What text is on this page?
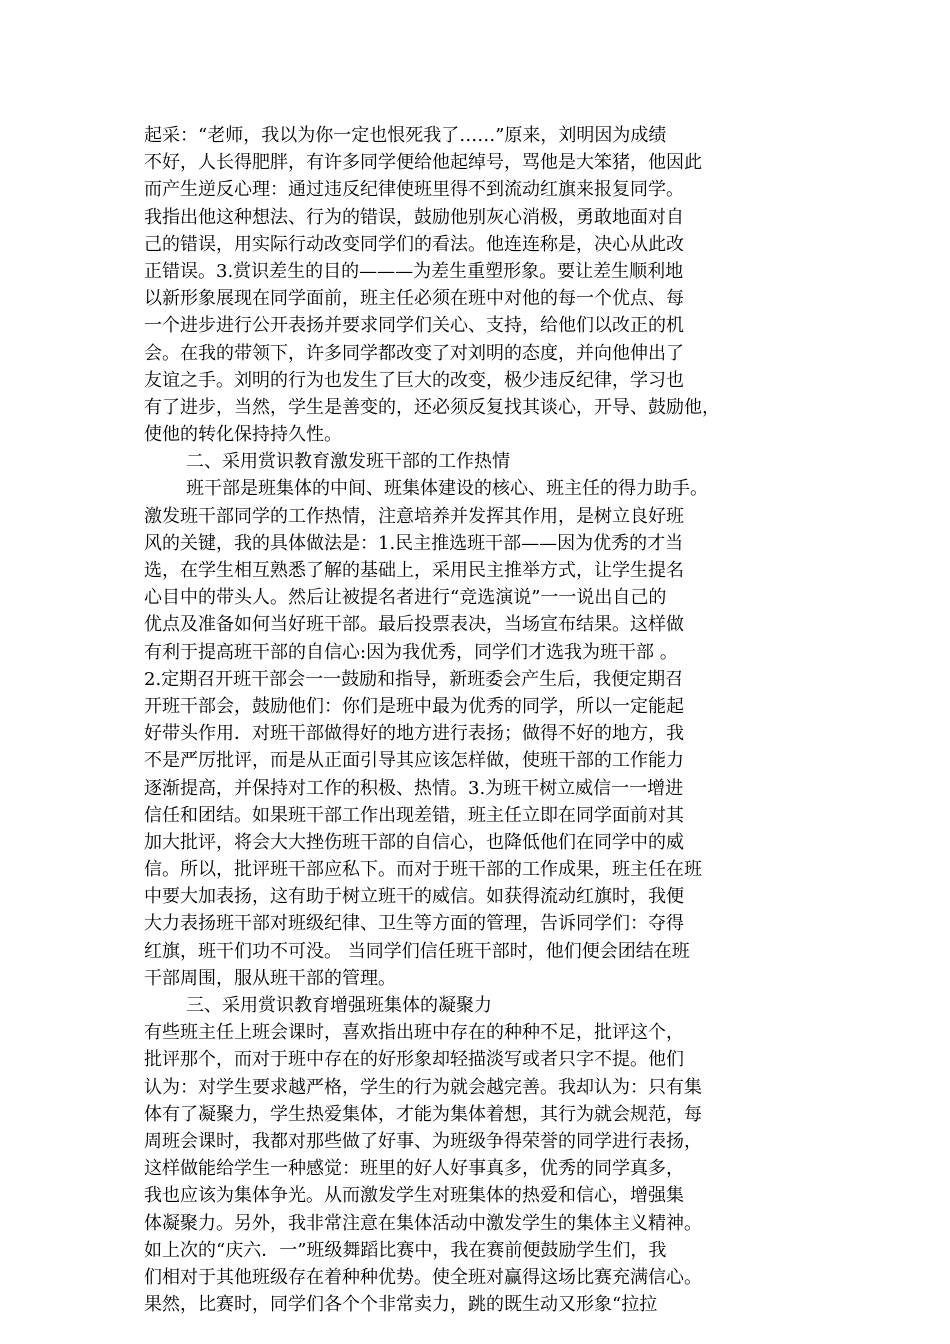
起采：“老师，我以为你一定也恨死我了……”原来，刘明因为成绩
不好，人长得肥胖，有许多同学便给他起绰号，骂他是大笨猪，他因此
而产生逆反心理：通过违反纪律使班里得不到流动红旗来报复同学。
我指出他这种想法、行为的错误，鼓励他别灰心消极，勇敢地面对自
己的错误，用实际行动改变同学们的看法。他连连称是，决心从此改
正错误。3.赏识差生的目的———为差生重塑形象。要让差生顺利地
以新形象展现在同学面前，班主任必须在班中对他的每一个优点、每
一个进步进行公开表扬并要求同学们关心、支持，给他们以改正的机
会。在我的带领下，许多同学都改变了对刘明的态度，并向他伸出了
友谊之手。刘明的行为也发生了巨大的改变，极少违反纪律，学习也
有了进步，当然，学生是善变的，还必须反复找其谈心，开导、鼓励他，
使他的转化保持持久性。
二、采用赏识教育激发班干部的工作热情
班干部是班集体的中间、班集体建设的核心、班主任的得力助手。
激发班干部同学的工作热情，注意培养并发挥其作用，是树立良好班
风的关键，我的具体做法是：1.民主推选班干部——因为优秀的才当
选，在学生相互熟悉了解的基础上，采用民主推举方式，让学生提名
心目中的带头人。然后让被提名者进行“竞选演说”一一说出自己的
优点及准备如何当好班干部。最后投票表决，当场宣布结果。这样做
有利于提高班干部的自信心:因为我优秀，同学们才选我为班干部 。
2.定期召开班干部会一一鼓励和指导，新班委会产生后，我便定期召
开班干部会，鼓励他们：你们是班中最为优秀的同学，所以一定能起
好带头作用．对班干部做得好的地方进行表扬；做得不好的地方，我
不是严厉批评，而是从正面引导其应该怎样做，使班干部的工作能力
逐渐提高，并保持对工作的积极、热情。3.为班干树立威信一一增进
信任和团结。如果班干部工作出现差错，班主任立即在同学面前对其
加大批评，将会大大挫伤班干部的自信心，也降低他们在同学中的威
信。所以，批评班干部应私下。而对于班干部的工作成果，班主任在班
中要大加表扬，这有助于树立班干的威信。如获得流动红旗时，我便
大力表扬班干部对班级纪律、卫生等方面的管理，告诉同学们：夺得
红旗，班干们功不可没。 当同学们信任班干部时，他们便会团结在班
干部周围，服从班干部的管理。
三、采用赏识教育增强班集体的凝聚力
有些班主任上班会课时，喜欢指出班中存在的种种不足，批评这个，
批评那个，而对于班中存在的好形象却轻描淡写或者只字不提。他们
认为：对学生要求越严格，学生的行为就会越完善。我却认为：只有集
体有了凝聚力，学生热爱集体，才能为集体着想，其行为就会规范，每
周班会课时，我都对那些做了好事、为班级争得荣誉的同学进行表扬，
这样做能给学生一种感觉：班里的好人好事真多，优秀的同学真多，
我也应该为集体争光。从而激发学生对班集体的热爱和信心，增强集
体凝聚力。另外，我非常注意在集体活动中激发学生的集体主义精神。
如上次的“庆六．一”班级舞蹈比赛中，我在赛前便鼓励学生们，我
们相对于其他班级存在着种种优势。使全班对赢得这场比赛充满信心。
果然，比赛时，同学们各个个非常卖力，跳的既生动又形象“拉拉
